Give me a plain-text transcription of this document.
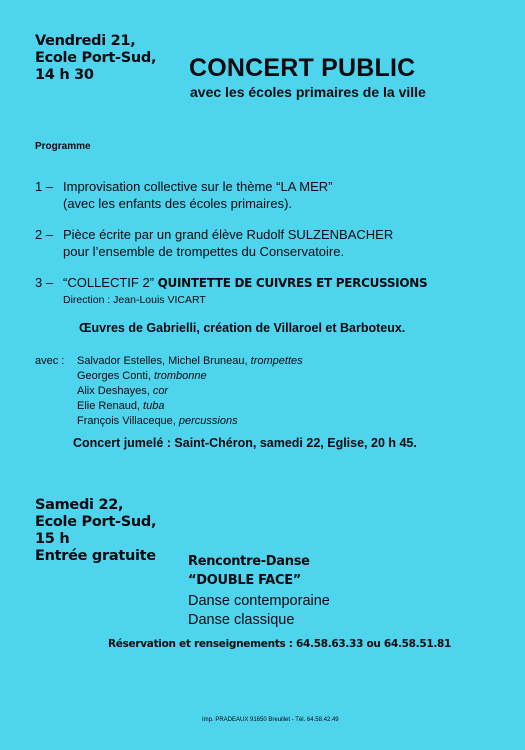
Vendredi 21,
Ecole Port-Sud,
14 h 30	CONCERT PUBLIC
avec les écoles primaires de la ville
Programme
1 – Improvisation collective sur le thème “LA MER”
(avec les enfants des écoles primaires).
2 – Pièce écrite par un grand élève Rudolf SULZENBACHER
pour l’ensemble de trompettes du Conservatoire.
3 – “COLLECTIF 2” QUINTETTE DE CUIVRES ET PERCUSSIONS
Direction : Jean-Louis VICART
Œuvres de Gabrielli, création de Villaroel et Barboteux.
avec : Salvador Estelles, Michel Bruneau, trompettes
Georges Conti, trombonne
Alix Deshayes, cor
Elie Renaud, tuba
François Villaceque, percussions
Concert jumelé : Saint-Chéron, samedi 22, Eglise, 20 h 45.
Samedi 22,
Ecole Port-Sud,
15 h
Entrée gratuite Rencontre-Danse
“DOUBLE FACE”
Danse contemporaine
Danse classique
Réservation et renseignements : 64.58.63.33 ou 64.58.51.81
Imp. PRADEAUX 91650 Breuillet - Tél. 64.58.42.49
